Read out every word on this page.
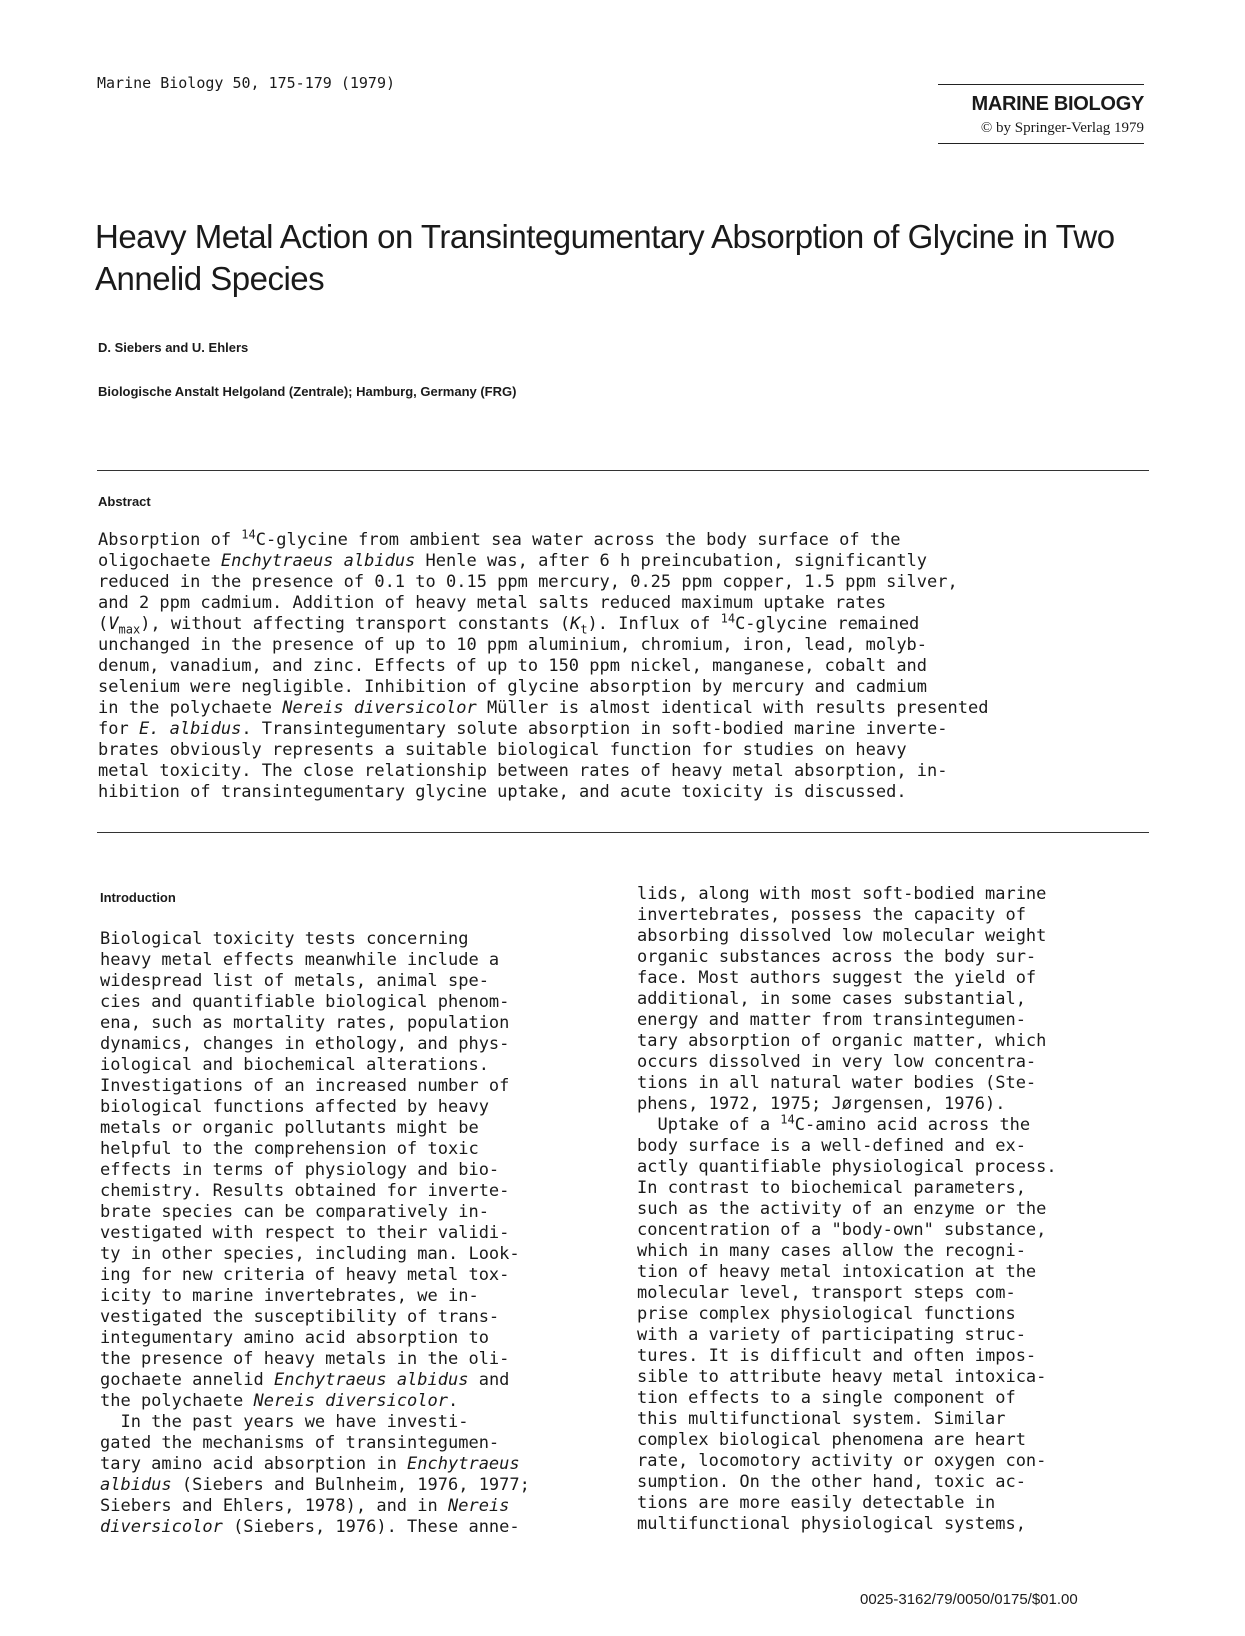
Marine Biology 50, 175-179 (1979)
MARINE BIOLOGY
© by Springer-Verlag 1979
Heavy Metal Action on Transintegumentary Absorption of Glycine in Two Annelid Species
D. Siebers and U. Ehlers
Biologische Anstalt Helgoland (Zentrale); Hamburg, Germany (FRG)
Abstract
Absorption of $^{14}$C-glycine from ambient sea water across the body surface of the
oligochaete Enchytraeus albidus Henle was, after 6 h preincubation, significantly
reduced in the presence of 0.1 to 0.15 ppm mercury, 0.25 ppm copper, 1.5 ppm silver,
and 2 ppm cadmium. Addition of heavy metal salts reduced maximum uptake rates
$(V_{max})$, without affecting transport constants $(K_t)$. Influx of $^{14}$C-glycine remained
unchanged in the presence of up to 10 ppm aluminium, chromium, iron, lead, molyb-
denum, vanadium, and zinc. Effects of up to 150 ppm nickel, manganese, cobalt and
selenium were negligible. Inhibition of glycine absorption by mercury and cadmium
in the polychaete Nereis diversicolor Müller is almost identical with results presented
for E. albidus. Transintegumentary solute absorption in soft-bodied marine inverte-
brates obviously represents a suitable biological function for studies on heavy
metal toxicity. The close relationship between rates of heavy metal absorption, in-
hibition of transintegumentary glycine uptake, and acute toxicity is discussed.
Introduction
Biological toxicity tests concerning
heavy metal effects meanwhile include a
widespread list of metals, animal spe-
cies and quantifiable biological phenom-
ena, such as mortality rates, population
dynamics, changes in ethology, and phys-
iological and biochemical alterations.
Investigations of an increased number of
biological functions affected by heavy
metals or organic pollutants might be
helpful to the comprehension of toxic
effects in terms of physiology and bio-
chemistry. Results obtained for inverte-
brate species can be comparatively in-
vestigated with respect to their validi-
ty in other species, including man. Look-
ing for new criteria of heavy metal tox-
icity to marine invertebrates, we in-
vestigated the susceptibility of trans-
integumentary amino acid absorption to
the presence of heavy metals in the oli-
gochaete annelid Enchytraeus albidus and
the polychaete Nereis diversicolor.
In the past years we have investi-
gated the mechanisms of transintegumen-
tary amino acid absorption in Enchytraeus
albidus (Siebers and Bulnheim, 1976, 1977;
Siebers and Ehlers, 1978), and in Nereis
diversicolor (Siebers, 1976). These anne-
lids, along with most soft-bodied marine
invertebrates, possess the capacity of
absorbing dissolved low molecular weight
organic substances across the body sur-
face. Most authors suggest the yield of
additional, in some cases substantial,
energy and matter from transintegumen-
tary absorption of organic matter, which
occurs dissolved in very low concentra-
tions in all natural water bodies (Ste-
phens, 1972, 1975; Jørgensen, 1976).
Uptake of a $^{14}$C-amino acid across the
body surface is a well-defined and ex-
actly quantifiable physiological process.
In contrast to biochemical parameters,
such as the activity of an enzyme or the
concentration of a "body-own" substance,
which in many cases allow the recogni-
tion of heavy metal intoxication at the
molecular level, transport steps com-
prise complex physiological functions
with a variety of participating struc-
tures. It is difficult and often impos-
sible to attribute heavy metal intoxica-
tion effects to a single component of
this multifunctional system. Similar
complex biological phenomena are heart
rate, locomotory activity or oxygen con-
sumption. On the other hand, toxic ac-
tions are more easily detectable in
multifunctional physiological systems,
0025-3162/79/0050/0175/$01.00
